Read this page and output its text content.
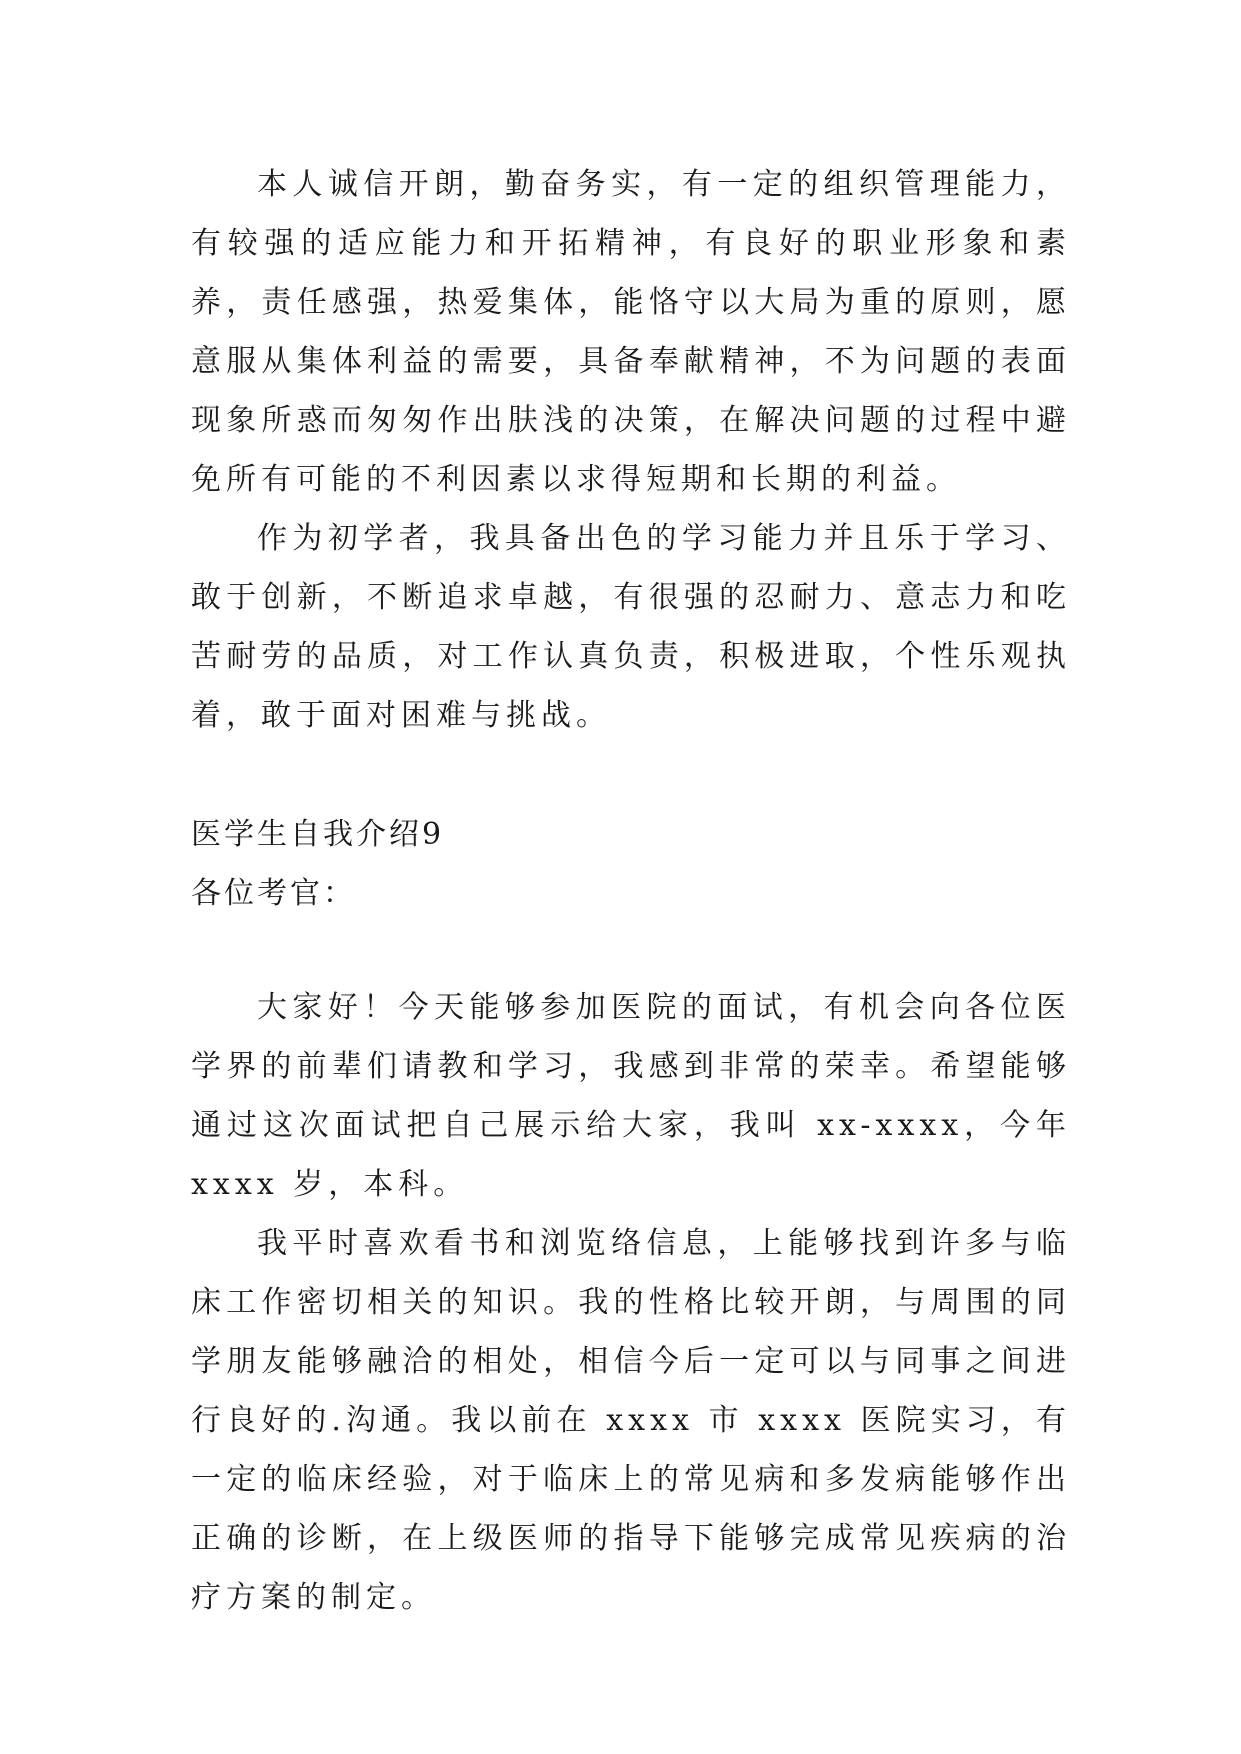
本人诚信开朗，勤奋务实，有一定的组织管理能力，有较强的适应能力和开拓精神，有良好的职业形象和素养，责任感强，热爱集体，能恪守以大局为重的原则，愿意服从集体利益的需要，具备奉献精神，不为问题的表面现象所惑而匆匆作出肤浅的决策，在解决问题的过程中避免所有可能的不利因素以求得短期和长期的利益。

作为初学者，我具备出色的学习能力并且乐于学习、敢于创新，不断追求卓越，有很强的忍耐力、意志力和吃苦耐劳的品质，对工作认真负责，积极进取，个性乐观执着，敢于面对困难与挑战。

医学生自我介绍9

各位考官：

大家好！今天能够参加医院的面试，有机会向各位医学界的前辈们请教和学习，我感到非常的荣幸。希望能够通过这次面试把自己展示给大家，我叫 xx-xxxx，今年 xxxx 岁，本科。

我平时喜欢看书和浏览络信息，上能够找到许多与临床工作密切相关的知识。我的性格比较开朗，与周围的同学朋友能够融洽的相处，相信今后一定可以与同事之间进行良好的.沟通。我以前在 xxxx 市 xxxx 医院实习，有一定的临床经验，对于临床上的常见病和多发病能够作出正确的诊断，在上级医师的指导下能够完成常见疾病的治疗方案的制定。
